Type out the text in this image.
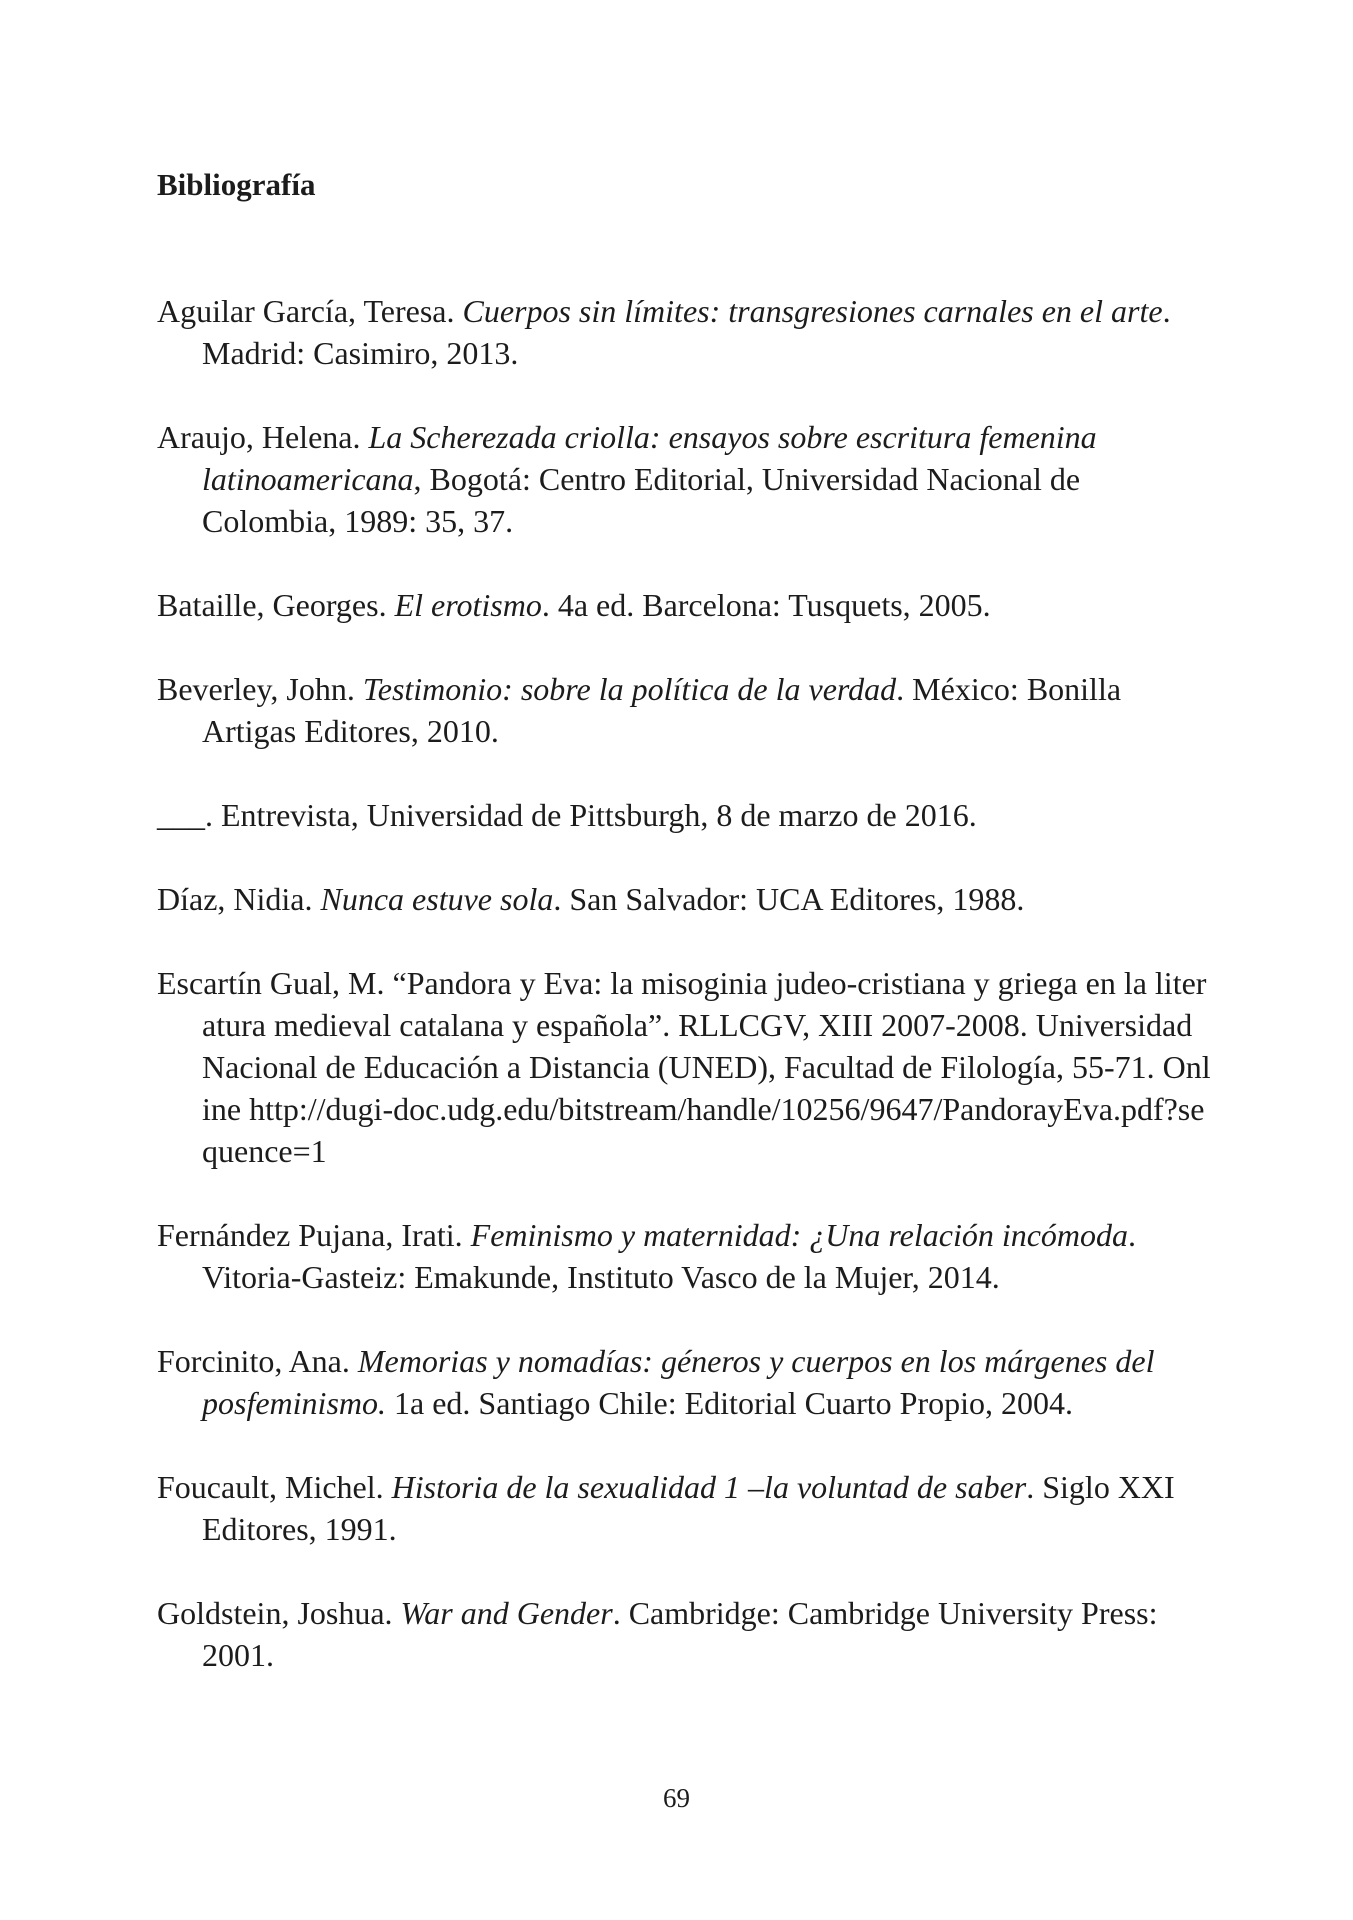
Bibliografía
Aguilar García, Teresa. Cuerpos sin límites: transgresiones carnales en el arte. Madrid: Casimiro, 2013.
Araujo, Helena. La Scherezada criolla: ensayos sobre escritura femenina latinoamericana, Bogotá: Centro Editorial, Universidad Nacional de Colombia, 1989: 35, 37.
Bataille, Georges. El erotismo. 4a ed. Barcelona: Tusquets, 2005.
Beverley, John. Testimonio: sobre la política de la verdad. México: Bonilla Artigas Editores, 2010.
___. Entrevista, Universidad de Pittsburgh, 8 de marzo de 2016.
Díaz, Nidia. Nunca estuve sola. San Salvador: UCA Editores, 1988.
Escartín Gual, M. “Pandora y Eva: la misoginia judeo-cristiana y griega en la literatura medieval catalana y española”. RLLCGV, XIII 2007-2008. Universidad Nacional de Educación a Distancia (UNED), Facultad de Filología, 55-71. Online http://dugi-doc.udg.edu/bitstream/handle/10256/9647/PandorayEva.pdf?sequence=1
Fernández Pujana, Irati. Feminismo y maternidad: ¿Una relación incómoda. Vitoria-Gasteiz: Emakunde, Instituto Vasco de la Mujer, 2014.
Forcinito, Ana. Memorias y nomadías: géneros y cuerpos en los márgenes del posfeminismo. 1a ed. Santiago Chile: Editorial Cuarto Propio, 2004.
Foucault, Michel. Historia de la sexualidad 1 –la voluntad de saber. Siglo XXI Editores, 1991.
Goldstein, Joshua. War and Gender. Cambridge: Cambridge University Press: 2001.
69
